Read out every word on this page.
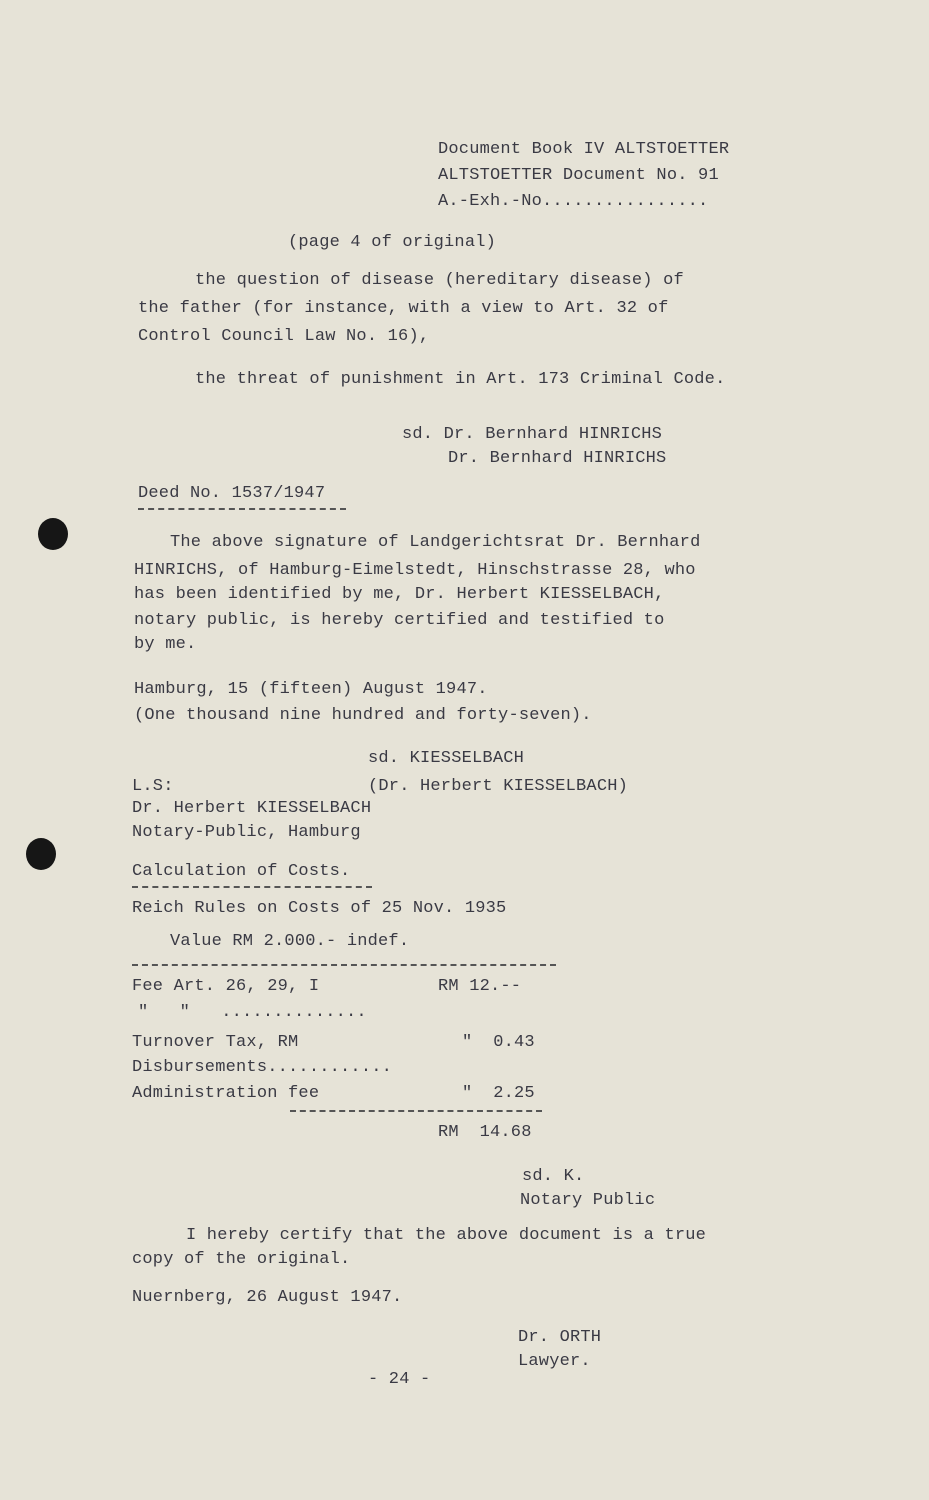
Document Book IV ALTSTOETTER
ALTSTOETTER Document No. 91
A.-Exh.-No................
(page 4 of original)
the question of disease (hereditary disease) of
the father (for instance, with a view to Art. 32 of
Control Council Law No. 16),
the threat of punishment in Art. 173 Criminal Code.
sd. Dr. Bernhard HINRICHS
Dr. Bernhard HINRICHS
Deed No. 1537/1947
The above signature of Landgerichtsrat Dr. Bernhard
HINRICHS, of Hamburg-Eimelstedt, Hinschstrasse 28, who
has been identified by me, Dr. Herbert KIESSELBACH,
notary public, is hereby certified and testified to
by me.
Hamburg, 15 (fifteen) August 1947.
(One thousand nine hundred and forty-seven).
sd. KIESSELBACH
L.S:	(Dr. Herbert KIESSELBACH)
Dr. Herbert KIESSELBACH
Notary-Public, Hamburg
Calculation of Costs.
Reich Rules on Costs of 25 Nov. 1935
Value RM 2.000.- indef.
Fee Art. 26, 29, I	RM 12.--
"   "   ..............
Turnover Tax, RM	"  0.43
Disbursements............
Administration fee	"  2.25
RM  14.68
sd. K.
Notary Public
I hereby certify that the above document is a true
copy of the original.
Nuernberg, 26 August 1947.
Dr. ORTH
Lawyer.
- 24 -
